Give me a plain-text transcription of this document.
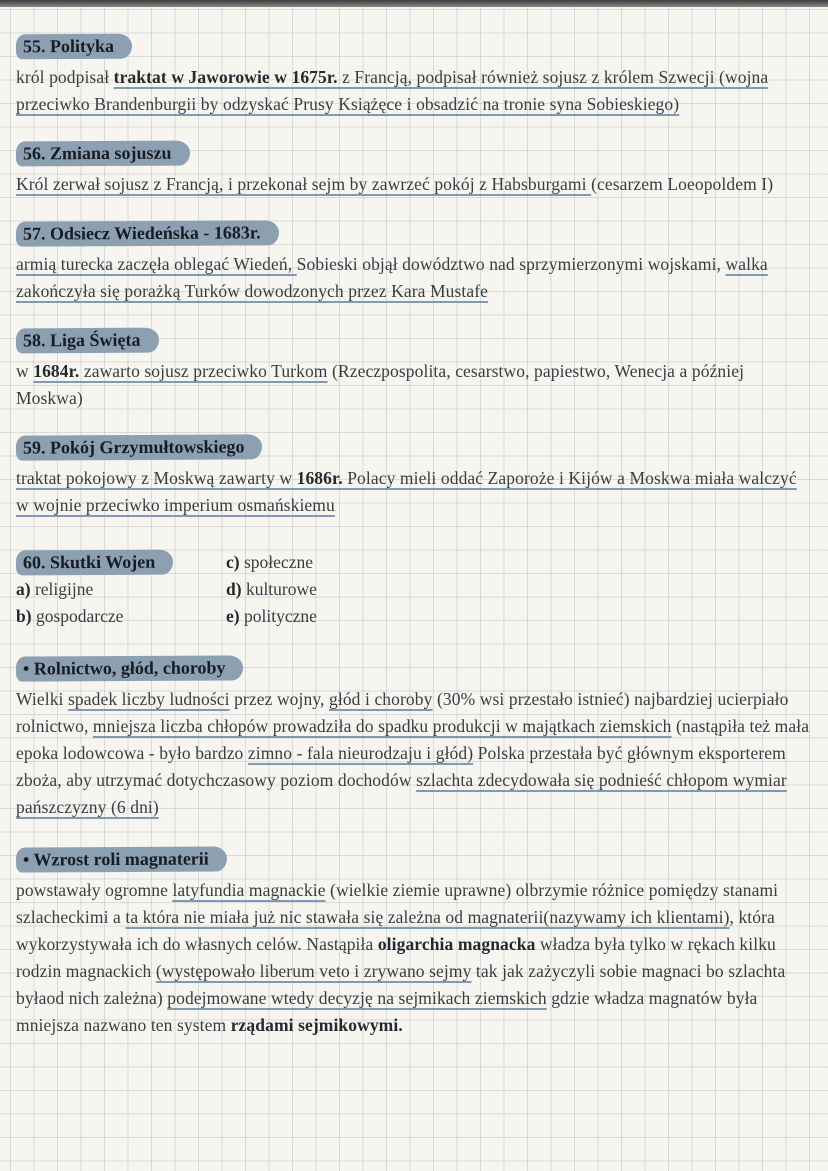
55. Polityka

król podpisał traktat w Jaworowie w 1675r. z Francją, podpisał również sojusz z królem Szwecji (wojna przeciwko Brandenburgii by odzyskać Prusy Książęce i obsadzić na tronie syna Sobieskiego)

56. Zmiana sojuszu

Król zerwał sojusz z Francją, i przekonał sejm by zawrzeć pokój z Habsburgami (cesarzem Loeopoldem I)

57. Odsiecz Wiedeńska - 1683r.

armią turecka zaczęła oblegać Wiedeń, Sobieski objął dowództwo nad sprzymierzonymi wojskami, walka zakończyła się porażką Turków dowodzonych przez Kara Mustafe

58. Liga Święta

w 1684r. zawarto sojusz przeciwko Turkom (Rzeczpospolita, cesarstwo, papiestwo, Wenecja a później Moskwa)

59. Pokój Grzymułtowskiego

traktat pokojowy z Moskwą zawarty w 1686r. Polacy mieli oddać Zaporoże i Kijów a Moskwa miała walczyć w wojnie przeciwko imperium osmańskiemu

60. Skutki Wojen	c) społeczne
a) religijne	d) kulturowe
b) gospodarcze	e) polityczne
• Rolnictwo, głód, choroby

Wielki spadek liczby ludności przez wojny, głód i choroby (30% wsi przestało istnieć) najbardziej ucierpiało rolnictwo, mniejsza liczba chłopów prowadziła do spadku produkcji w majątkach ziemskich (nastąpiła też mała epoka lodowcowa - było bardzo zimno - fala nieurodzaju i głód) Polska przestała być głównym eksporterem zboża, aby utrzymać dotychczasowy poziom dochodów szlachta zdecydowała się podnieść chłopom wymiar pańszczyzny (6 dni)

• Wzrost roli magnaterii

powstawały ogromne latyfundia magnackie (wielkie ziemie uprawne) olbrzymie różnice pomiędzy stanami szlacheckimi a ta która nie miała już nic stawała się zależna od magnaterii(nazywamy ich klientami), która wykorzystywała ich do własnych celów. Nastąpiła oligarchia magnacka władza była tylko w rękach kilku rodzin magnackich (występowało liberum veto i zrywano sejmy tak jak zażyczyli sobie magnaci bo szlachta byłaod nich zależna) podejmowane wtedy decyzję na sejmikach ziemskich gdzie władza magnatów była mniejsza nazwano ten system rządami sejmikowymi.
